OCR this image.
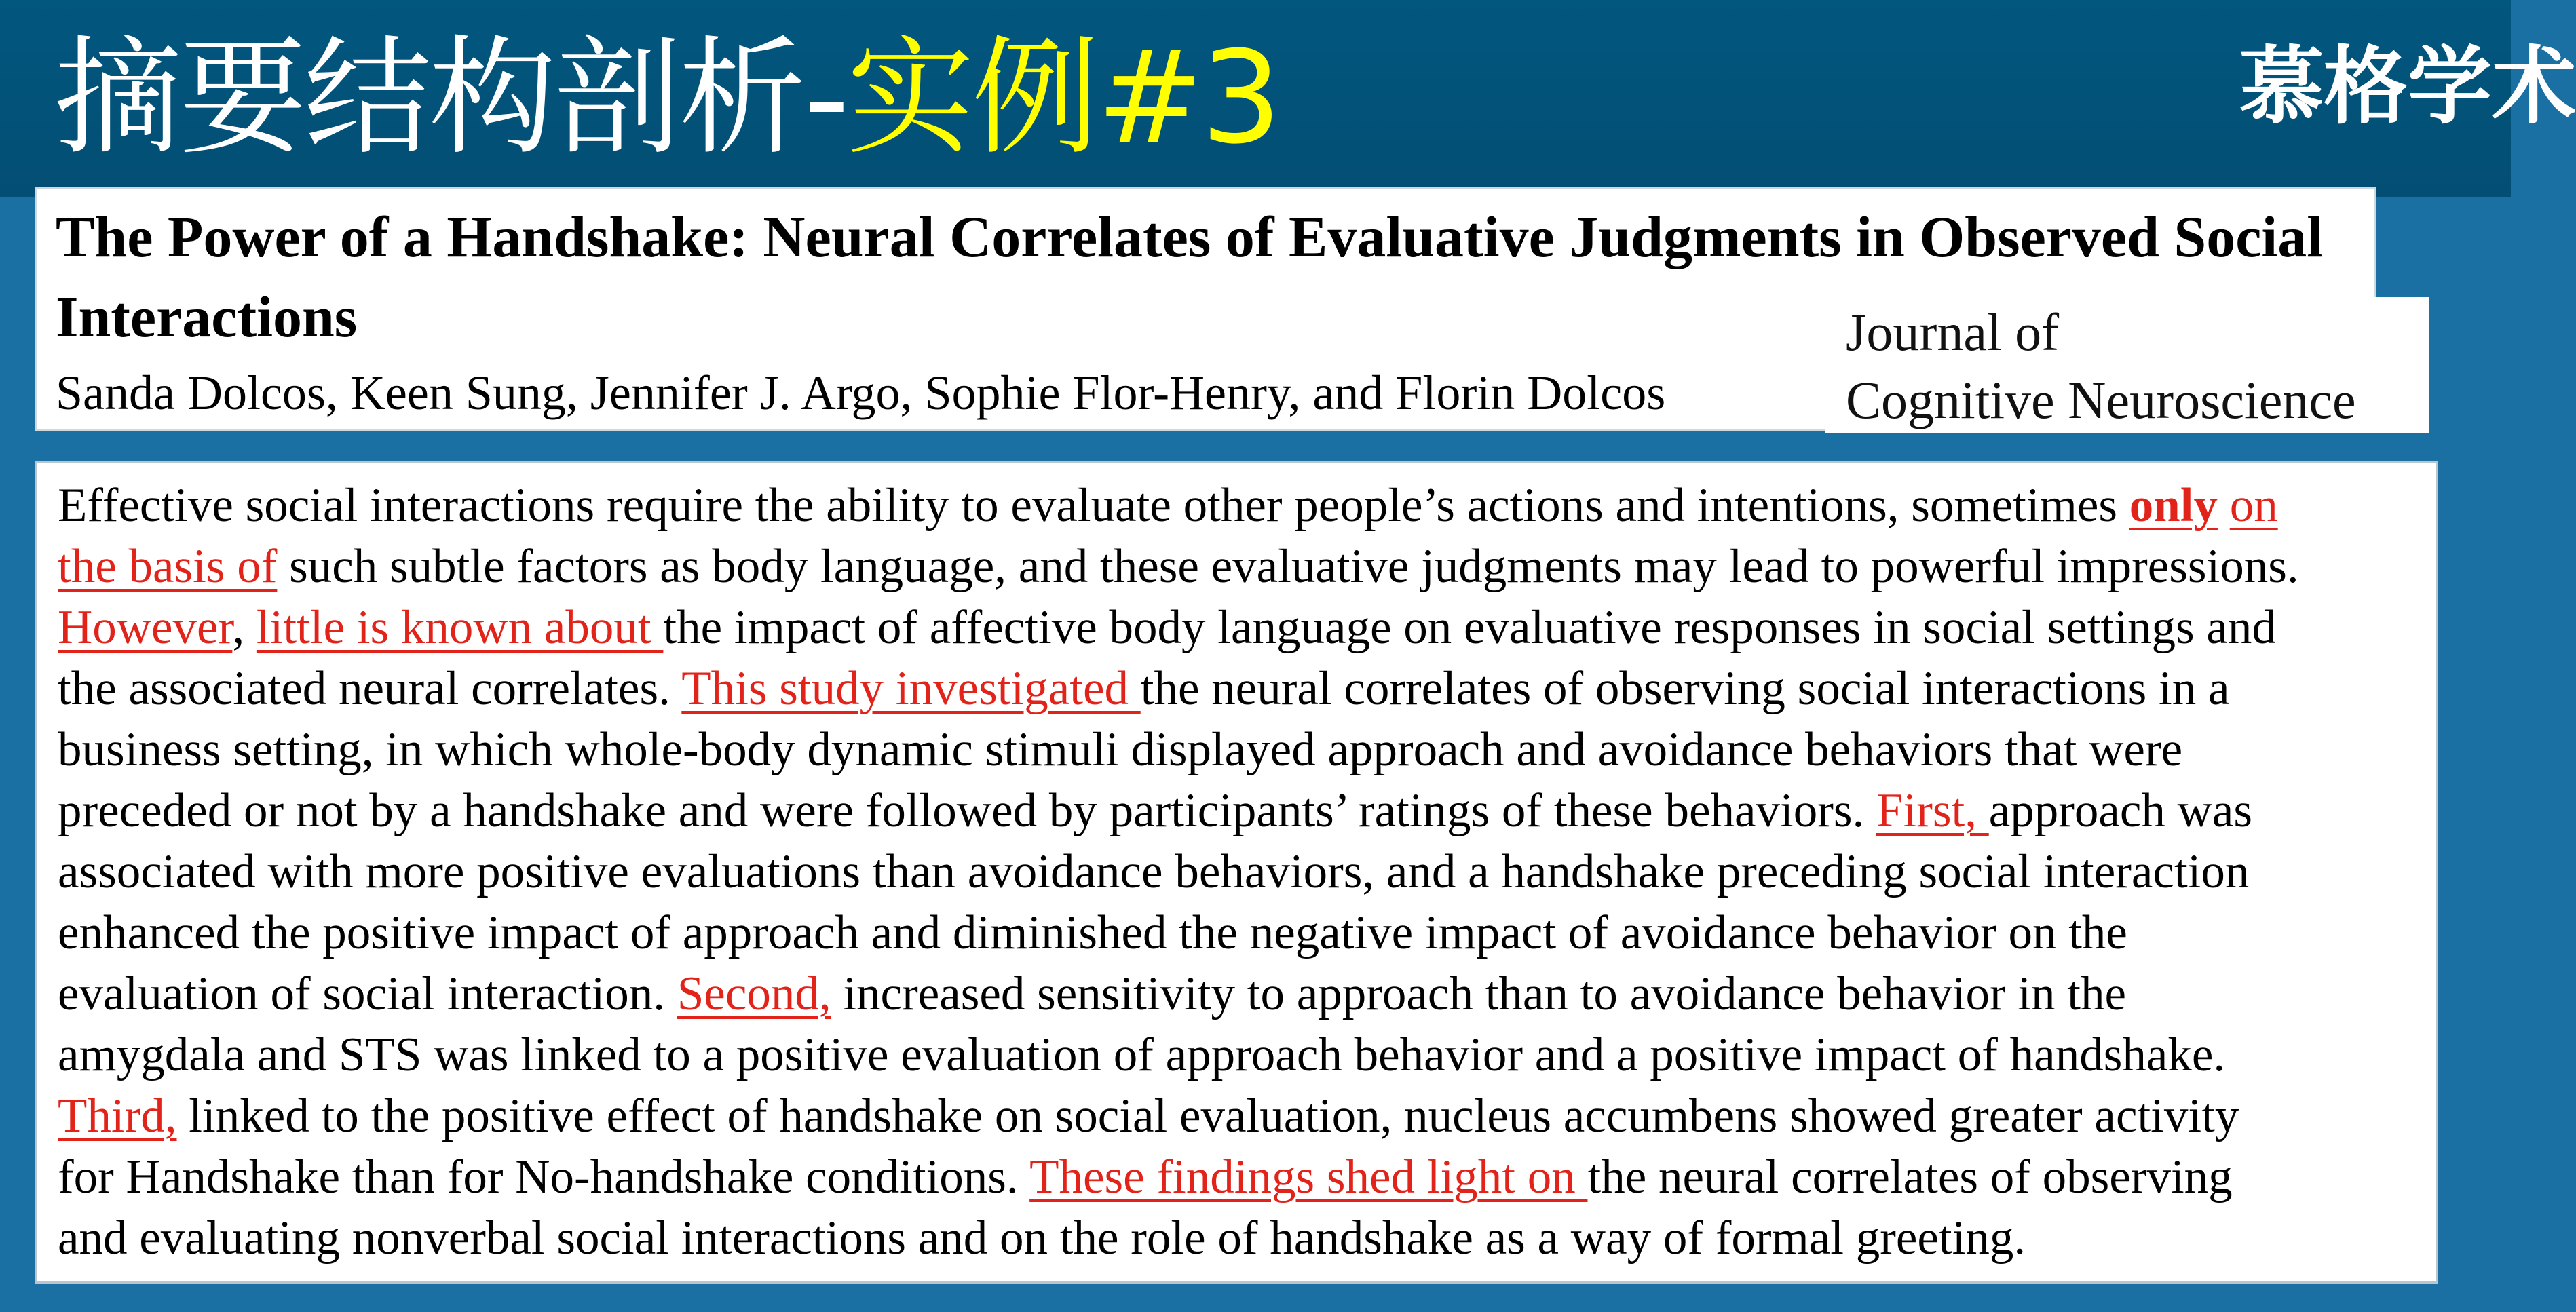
摘要结构剖析-实例#3	慕格学术
The Power of a Handshake: Neural Correlates of Evaluative Judgments in Observed Social Interactions
Sanda Dolcos, Keen Sung, Jennifer J. Argo, Sophie Flor-Henry, and Florin Dolcos
Journal of
Cognitive Neuroscience
Effective social interactions require the ability to evaluate other people’s actions and intentions, sometimes only on
the basis of such subtle factors as body language, and these evaluative judgments may lead to powerful impressions.
However, little is known about the impact of affective body language on evaluative responses in social settings and
the associated neural correlates. This study investigated the neural correlates of observing social interactions in a
business setting, in which whole-body dynamic stimuli displayed approach and avoidance behaviors that were
preceded or not by a handshake and were followed by participants’ ratings of these behaviors. First, approach was
associated with more positive evaluations than avoidance behaviors, and a handshake preceding social interaction
enhanced the positive impact of approach and diminished the negative impact of avoidance behavior on the
evaluation of social interaction. Second, increased sensitivity to approach than to avoidance behavior in the
amygdala and STS was linked to a positive evaluation of approach behavior and a positive impact of handshake.
Third, linked to the positive effect of handshake on social evaluation, nucleus accumbens showed greater activity
for Handshake than for No-handshake conditions. These findings shed light on the neural correlates of observing
and evaluating nonverbal social interactions and on the role of handshake as a way of formal greeting.
